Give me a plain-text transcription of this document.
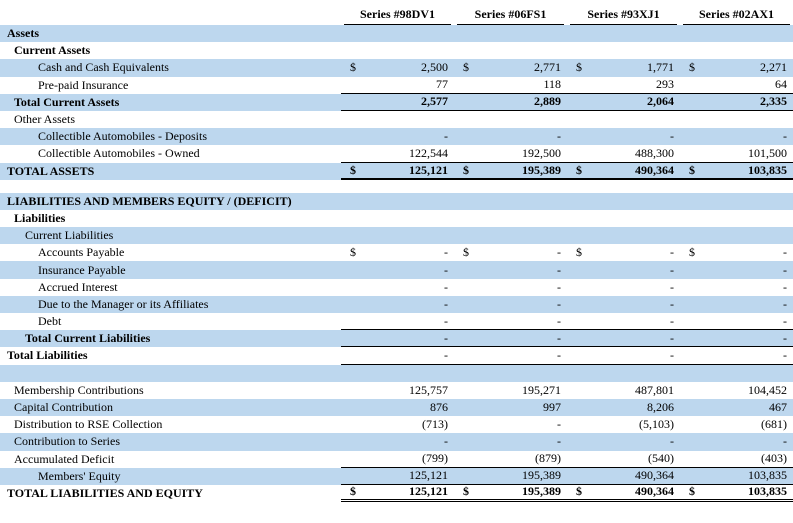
Series #98DV1	Series #06FS1	Series #93XJ1	Series #02AX1
Assets
Current Assets
Cash and Cash Equivalents	$	2,500 $	2,771 $	1,771 $	2,271
Pre-paid Insurance	77	118	293	64
Total Current Assets	2,577	2,889	2,064	2,335
Other Assets
Collectible Automobiles - Deposits	-	-	-	-
Collectible Automobiles - Owned	122,544	192,500	488,300	101,500
TOTAL ASSETS	$	125,121 $	195,389 $	490,364 $	103,835
LIABILITIES AND MEMBERS EQUITY / (DEFICIT)
Liabilities
Current Liabilities
Accounts Payable	$	- $	- $	- $	-
Insurance Payable	-	-	-	-
Accrued Interest	-	-	-	-
Due to the Manager or its Affiliates	-	-	-	-
Debt	-	-	-	-
Total Current Liabilities	-	-	-	-
Total Liabilities	-	-	-	-
Membership Contributions	125,757	195,271	487,801	104,452
Capital Contribution	876	997	8,206	467
Distribution to RSE Collection	(713)	-	(5,103)	(681)
Contribution to Series	-	-	-	-
Accumulated Deficit	(799)	(879)	(540)	(403)
Members' Equity	125,121	195,389	490,364	103,835
TOTAL LIABILITIES AND EQUITY	$	125,121 $	195,389 $	490,364 $	103,835
